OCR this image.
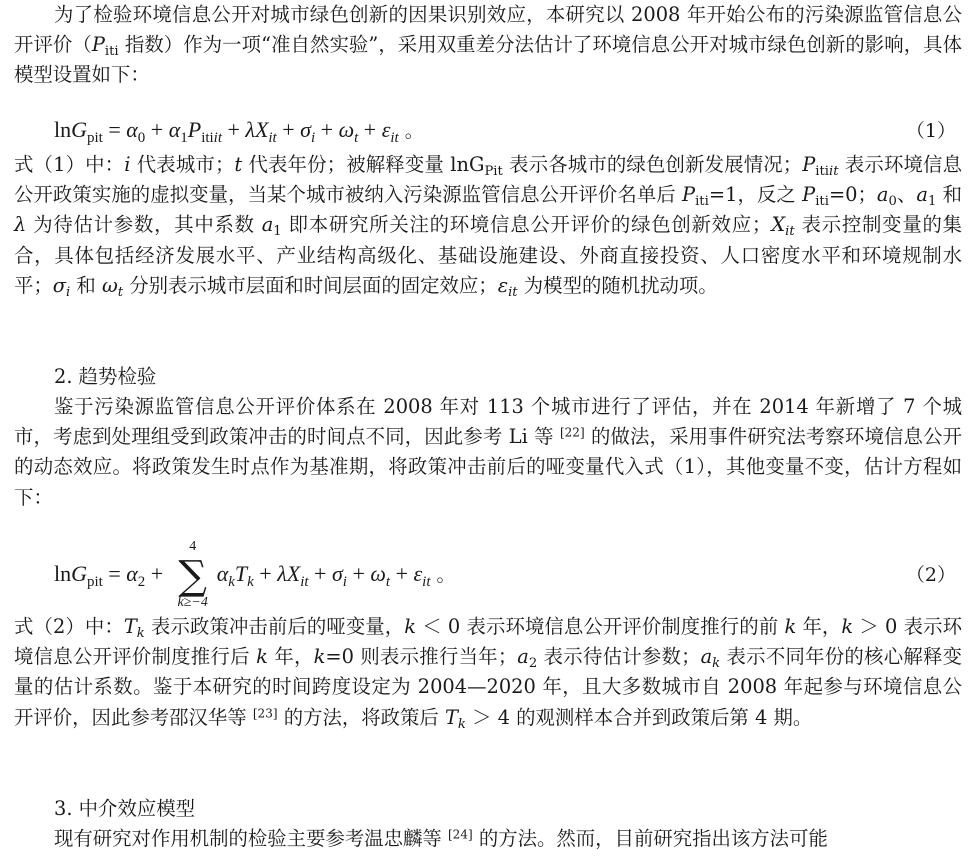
为了检验环境信息公开对城市绿色创新的因果识别效应，本研究以 2008 年开始公布的污染源监管信息公开评价（$P_{iti}$ 指数）作为一项“准自然实验”，采用双重差分法估计了环境信息公开对城市绿色创新的影响，具体模型设置如下：

$\ln G_{pit} = \alpha_0 + \alpha_1P_{itiit} + \lambda X_{it} + \sigma_i + \omega_t + \varepsilon_{it}$ 。	（1）

式（1）中：i 代表城市；t 代表年份；被解释变量 lnG$_{Pit}$ 表示各城市的绿色创新发展情况；$P_{itiit}$ 表示环境信息公开政策实施的虚拟变量，当某个城市被纳入污染源监管信息公开评价名单后 $P_{iti}=1$，反之 $P_{iti}=0$；$a_0$、$a_1$ 和 λ 为待估计参数，其中系数 $a_1$ 即本研究所关注的环境信息公开评价的绿色创新效应；$X_{it}$ 表示控制变量的集合，具体包括经济发展水平、产业结构高级化、基础设施建设、外商直接投资、人口密度水平和环境规制水平；$\sigma_i$ 和 $\omega_t$ 分别表示城市层面和时间层面的固定效应；$\varepsilon_{it}$ 为模型的随机扰动项。

2. 趋势检验

鉴于污染源监管信息公开评价体系在 2008 年对 113 个城市进行了评估，并在 2014 年新增了 7 个城市，考虑到处理组受到政策冲击的时间点不同，因此参考 Li 等 [22] 的做法，采用事件研究法考察环境信息公开的动态效应。将政策发生时点作为基准期，将政策冲击前后的哑变量代入式（1），其他变量不变，估计方程如下：

$\ln G_{pit} = \alpha_2$ +
4
∑
k≥−4
$\alpha_kT_k + \lambda X_{it} + \sigma_i + \omega_t + \varepsilon_{it}$ 。	（2）

式（2）中：$T_k$ 表示政策冲击前后的哑变量，k ＜ 0 表示环境信息公开评价制度推行的前 k 年，k ＞ 0 表示环境信息公开评价制度推行后 k 年，k=0 则表示推行当年；$a_2$ 表示待估计参数；$a_k$ 表示不同年份的核心解释变量的估计系数。鉴于本研究的时间跨度设定为 2004—2020 年，且大多数城市自 2008 年起参与环境信息公开评价，因此参考邵汉华等 [23] 的方法，将政策后 $T_k > 4$ 的观测样本合并到政策后第 4 期。

3. 中介效应模型

现有研究对作用机制的检验主要参考温忠麟等 [24] 的方法。然而，目前研究指出该方法可能
